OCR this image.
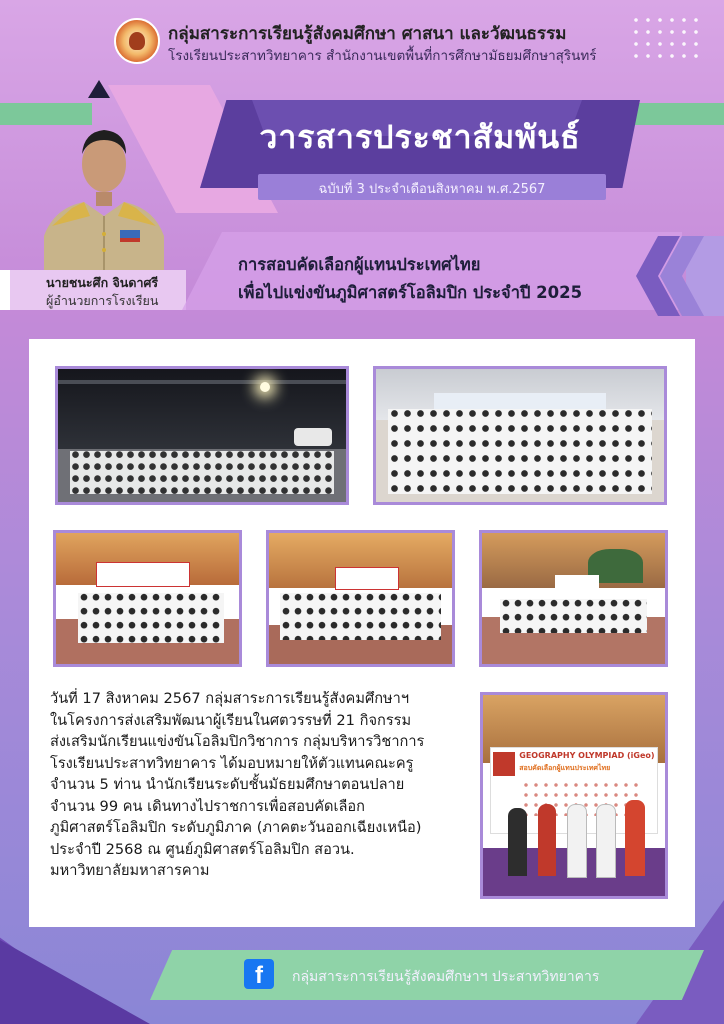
กลุ่มสาระการเรียนรู้สังคมศึกษา ศาสนา และวัฒนธรรม
โรงเรียนประสาทวิทยาคาร สำนักงานเขตพื้นที่การศึกษามัธยมศึกษาสุรินทร์
วารสารประชาสัมพันธ์
ฉบับที่ 3 ประจำเดือนสิงหาคม พ.ศ.2567
นายชนะศึก จินดาศรี
ผู้อำนวยการโรงเรียน
การสอบคัดเลือกผู้แทนประเทศไทย
เพื่อไปแข่งขันภูมิศาสตร์โอลิมปิก ประจำปี 2025
GEOGRAPHY OLYMPIAD (iGeo)
สอบคัดเลือกผู้แทนประเทศไทย
วันที่ 17 สิงหาคม 2567 กลุ่มสาระการเรียนรู้สังคมศึกษาฯ
ในโครงการส่งเสริมพัฒนาผู้เรียนในศตวรรษที่ 21 กิจกรรม
ส่งเสริมนักเรียนแข่งขันโอลิมปิกวิชาการ กลุ่มบริหารวิชาการ
โรงเรียนประสาทวิทยาคาร ได้มอบหมายให้ตัวแทนคณะครู
จำนวน 5 ท่าน นำนักเรียนระดับชั้นมัธยมศึกษาตอนปลาย
จำนวน 99 คน เดินทางไปราชการเพื่อสอบคัดเลือก
ภูมิศาสตร์โอลิมปิก ระดับภูมิภาค (ภาคตะวันออกเฉียงเหนือ)
ประจำปี 2568 ณ ศูนย์ภูมิศาสตร์โอลิมปิก สอวน.
มหาวิทยาลัยมหาสารคาม
f	กลุ่มสาระการเรียนรู้สังคมศึกษาฯ ประสาทวิทยาคาร
